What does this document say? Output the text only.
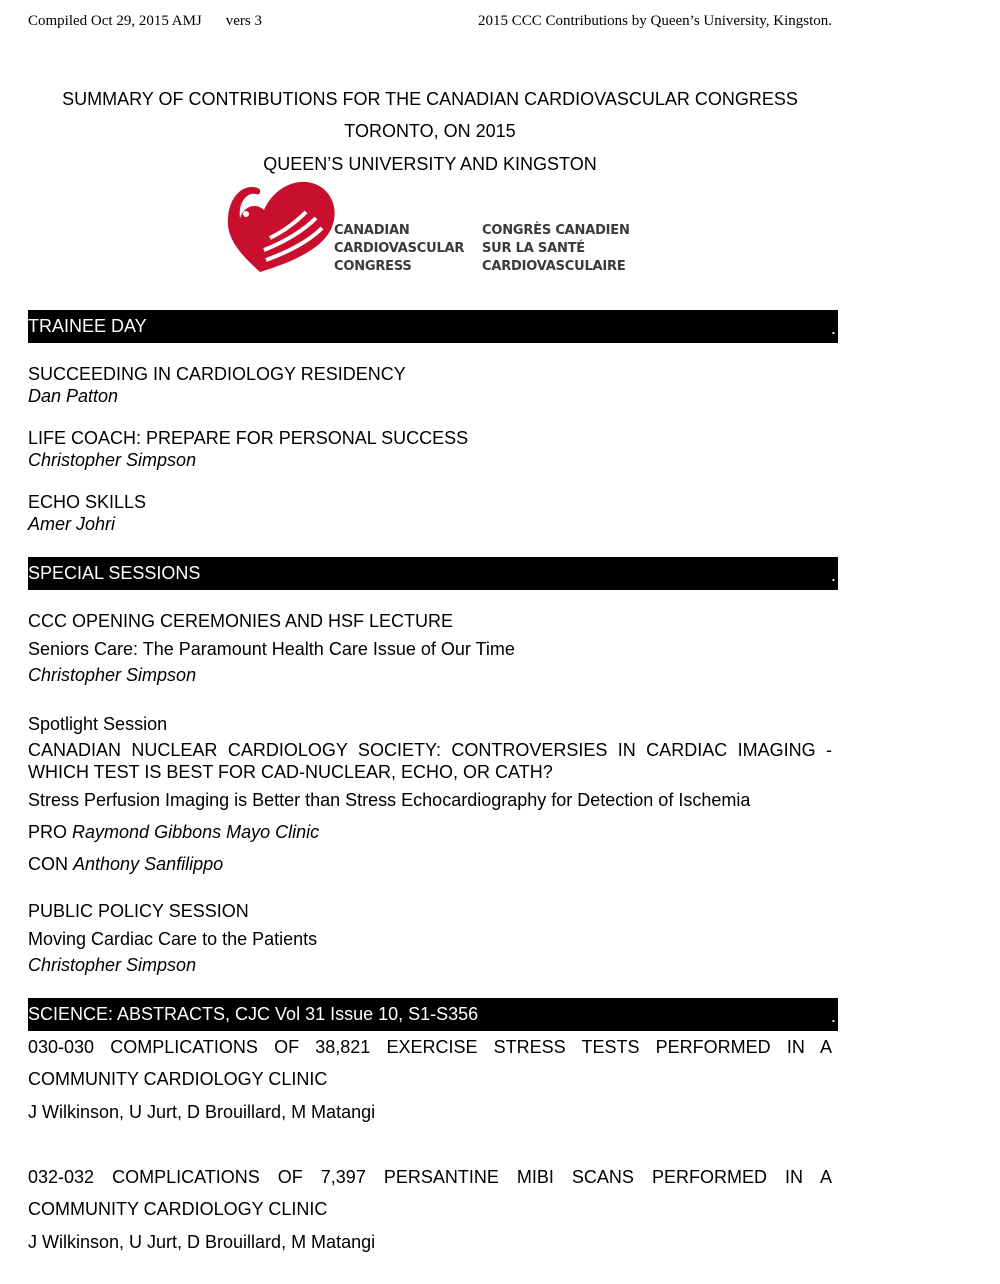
Compiled Oct 29, 2015 AMJ vers 3	2015 CCC Contributions by Queen’s University, Kingston.
SUMMARY OF CONTRIBUTIONS FOR THE CANADIAN CARDIOVASCULAR CONGRESS
TORONTO, ON 2015
QUEEN’S UNIVERSITY AND KINGSTON
CANADIAN
CARDIOVASCULAR
CONGRESS
CONGRÈS CANADIEN
SUR LA SANTÉ
CARDIOVASCULAIRE
TRAINEE DAY	.
SUCCEEDING IN CARDIOLOGY RESIDENCY
Dan Patton
LIFE COACH: PREPARE FOR PERSONAL SUCCESS
Christopher Simpson
ECHO SKILLS
Amer Johri
SPECIAL SESSIONS	.
CCC OPENING CEREMONIES AND HSF LECTURE
Seniors Care: The Paramount Health Care Issue of Our Time
Christopher Simpson
Spotlight Session
CANADIAN NUCLEAR CARDIOLOGY SOCIETY: CONTROVERSIES IN CARDIAC IMAGING -
WHICH TEST IS BEST FOR CAD-NUCLEAR, ECHO, OR CATH?
Stress Perfusion Imaging is Better than Stress Echocardiography for Detection of Ischemia
PRO Raymond Gibbons Mayo Clinic
CON Anthony Sanfilippo
PUBLIC POLICY SESSION
Moving Cardiac Care to the Patients
Christopher Simpson
SCIENCE: ABSTRACTS, CJC Vol 31 Issue 10, S1-S356	.
030-030 COMPLICATIONS OF 38,821 EXERCISE STRESS TESTS PERFORMED IN A
COMMUNITY CARDIOLOGY CLINIC
J Wilkinson, U Jurt, D Brouillard, M Matangi
032-032 COMPLICATIONS OF 7,397 PERSANTINE MIBI SCANS PERFORMED IN A
COMMUNITY CARDIOLOGY CLINIC
J Wilkinson, U Jurt, D Brouillard, M Matangi
